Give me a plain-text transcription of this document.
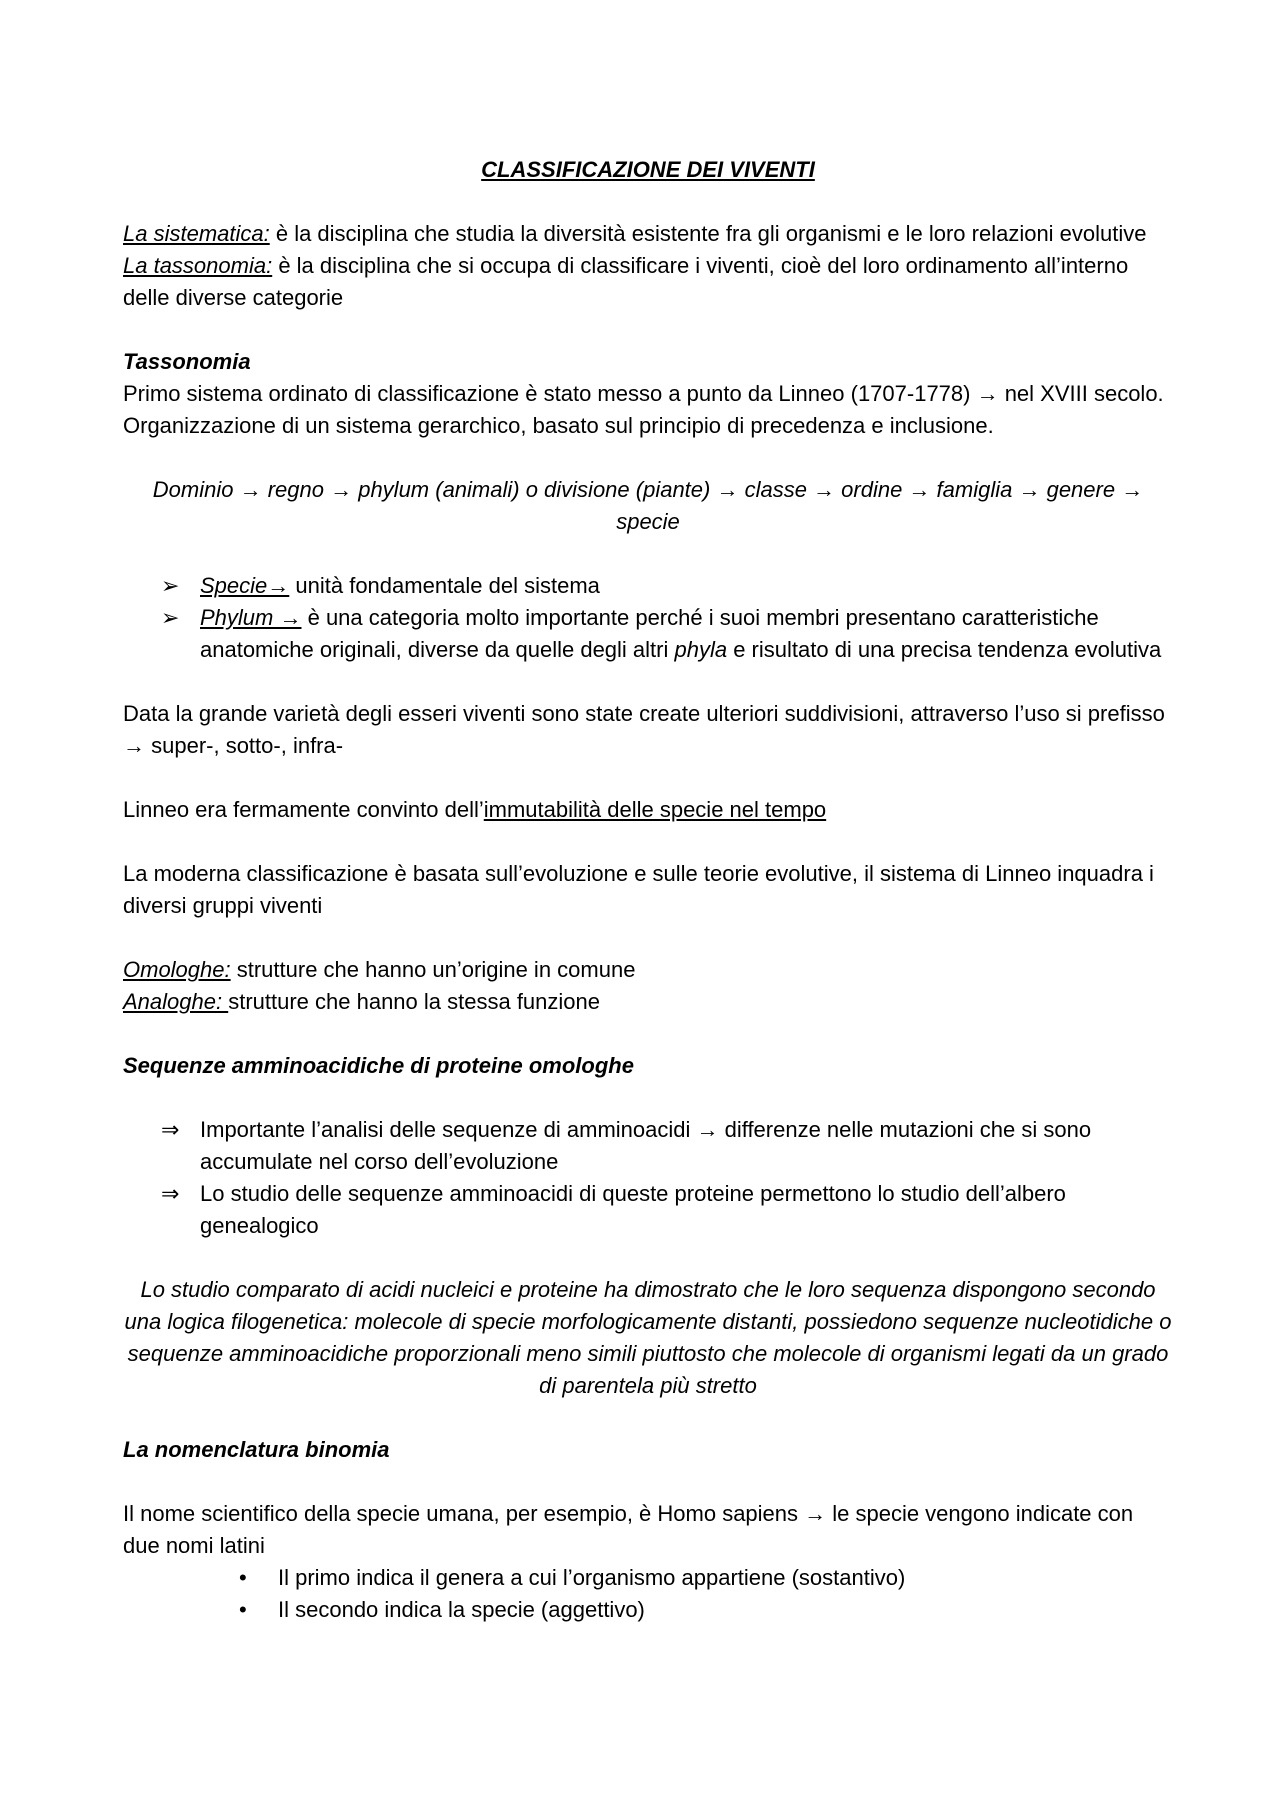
CLASSIFICAZIONE DEI VIVENTI

La sistematica: è la disciplina che studia la diversità esistente fra gli organismi e le loro relazioni evolutive

La tassonomia: è la disciplina che si occupa di classificare i viventi, cioè del loro ordinamento all’interno delle diverse categorie

Tassonomia

Primo sistema ordinato di classificazione è stato messo a punto da Linneo (1707-1778) → nel XVIII secolo. Organizzazione di un sistema gerarchico, basato sul principio di precedenza e inclusione.

Dominio → regno → phylum (animali) o divisione (piante) → classe → ordine → famiglia → genere → specie

➢ Specie→ unità fondamentale del sistema
➢ Phylum → è una categoria molto importante perché i suoi membri presentano caratteristiche anatomiche originali, diverse da quelle degli altri phyla e risultato di una precisa tendenza evolutiva

Data la grande varietà degli esseri viventi sono state create ulteriori suddivisioni, attraverso l’uso si prefisso → super-, sotto-, infra-

Linneo era fermamente convinto dell’immutabilità delle specie nel tempo

La moderna classificazione è basata sull’evoluzione e sulle teorie evolutive, il sistema di Linneo inquadra i diversi gruppi viventi

Omologhe: strutture che hanno un’origine in comune

Analoghe: strutture che hanno la stessa funzione

Sequenze amminoacidiche di proteine omologhe

⇒ Importante l’analisi delle sequenze di amminoacidi → differenze nelle mutazioni che si sono accumulate nel corso dell’evoluzione
⇒ Lo studio delle sequenze amminoacidi di queste proteine permettono lo studio dell’albero genealogico

Lo studio comparato di acidi nucleici e proteine ha dimostrato che le loro sequenza dispongono secondo una logica filogenetica: molecole di specie morfologicamente distanti, possiedono sequenze nucleotidiche o sequenze amminoacidiche proporzionali meno simili piuttosto che molecole di organismi legati da un grado di parentela più stretto

La nomenclatura binomia

Il nome scientifico della specie umana, per esempio, è Homo sapiens → le specie vengono indicate con due nomi latini

• Il primo indica il genera a cui l’organismo appartiene (sostantivo)
• Il secondo indica la specie (aggettivo)
